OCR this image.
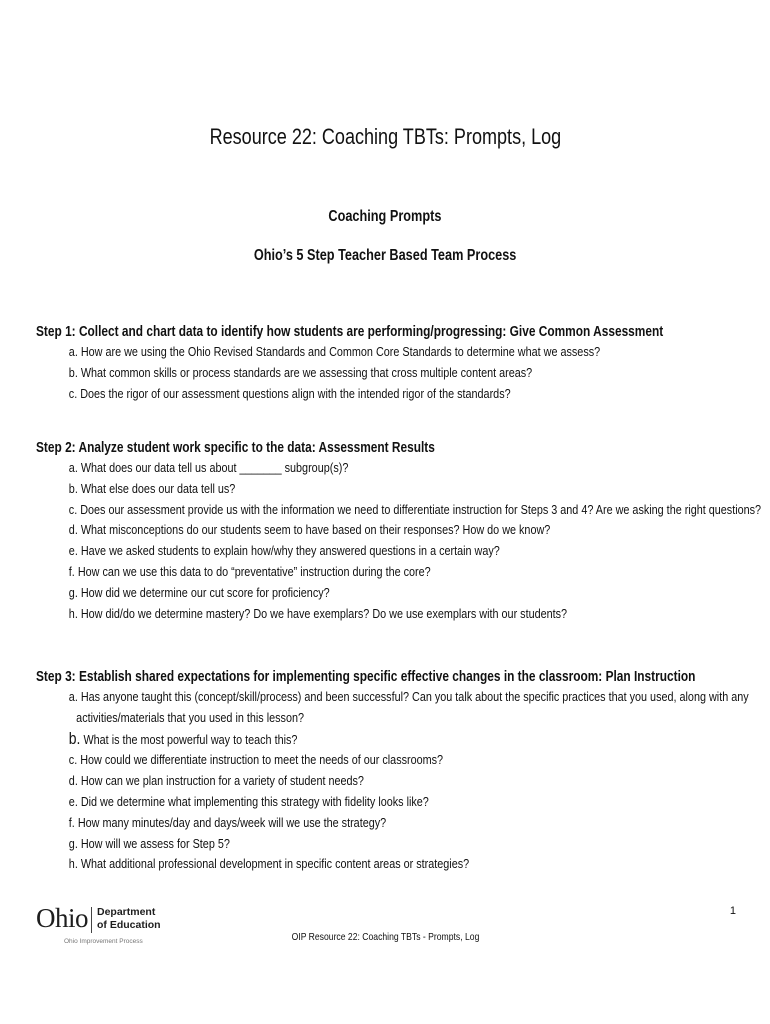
Resource 22: Coaching TBTs: Prompts, Log
Coaching Prompts
Ohio’s 5 Step Teacher Based Team Process
Step 1: Collect and chart data to identify how students are performing/progressing: Give Common Assessment
a. How are we using the Ohio Revised Standards and Common Core Standards to determine what we assess?
b. What common skills or process standards are we assessing that cross multiple content areas?
c. Does the rigor of our assessment questions align with the intended rigor of the standards?
Step 2: Analyze student work specific to the data: Assessment Results
a. What does our data tell us about _______ subgroup(s)?
b. What else does our data tell us?
c. Does our assessment provide us with the information we need to differentiate instruction for Steps 3 and 4? Are we asking the right questions?
d. What misconceptions do our students seem to have based on their responses? How do we know?
e. Have we asked students to explain how/why they answered questions in a certain way?
f. How can we use this data to do “preventative” instruction during the core?
g. How did we determine our cut score for proficiency?
h. How did/do we determine mastery? Do we have exemplars? Do we use exemplars with our students?
Step 3: Establish shared expectations for implementing specific effective changes in the classroom: Plan Instruction
a. Has anyone taught this (concept/skill/process) and been successful? Can you talk about the specific practices that you used, along with any
activities/materials that you used in this lesson?
b. What is the most powerful way to teach this?
c. How could we differentiate instruction to meet the needs of our classrooms?
d. How can we plan instruction for a variety of student needs?
e. Did we determine what implementing this strategy with fidelity looks like?
f. How many minutes/day and days/week will we use the strategy?
g. How will we assess for Step 5?
h. What additional professional development in specific content areas or strategies?
Ohio Department
of Education
Ohio Improvement Process
1
OIP Resource 22: Coaching TBTs - Prompts, Log
